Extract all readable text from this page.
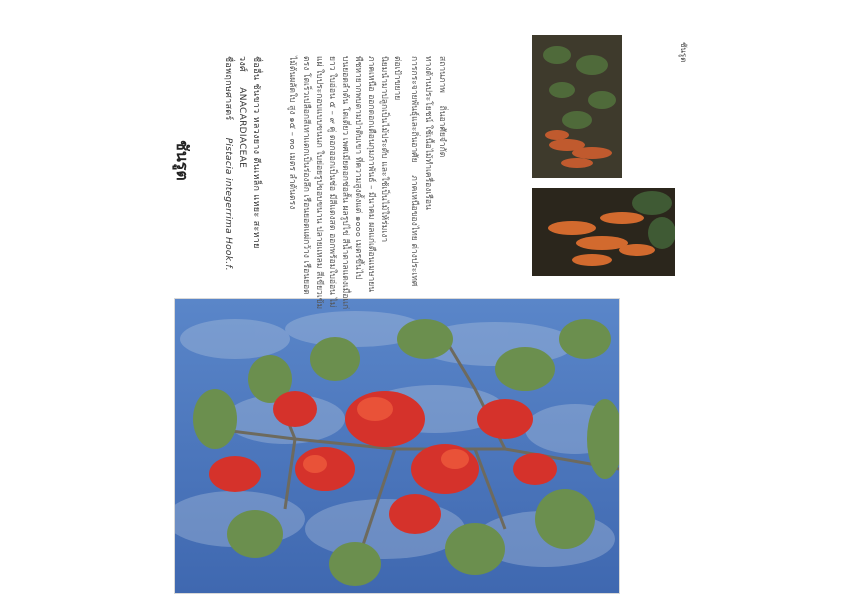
ชันรูต
ชื่อพฤกษศาสตร์ Pistacia integerrima Hook.f.
วงศ์ ANACARDIACEAE ชื่ออื่น ชันขาว หลวงยาง ตีนเหล็ก แหยะ สะหาย	ไม้ต้นผลัดใบ สูง ๑๕ – ๓๐ เมตร ลำต้นตรง ตรง โตเร็วเปลือกสีเทาแตกเป็นร่องลึก เรือนยอดแผ่กว้าง เรือนยอด แผ่ ใบประกอบแบบขนนก ใบย่อยรูปขอบขนาน ปลายแหลม สีเขียวเข้ม ยาว ใบอ่อน ๕ – ๙ คู่ ดอกออกเป็นช่อ มีสีแดงสด ออกพร้อมใบอ่อน ไม่ บนยอดลำต้น โตเดี่ยว เพศเมียดอกช่อสั้น ผลรูปไข่ สีน้ำตาลแดงเมื่อแก่ พืชหายากพบตามป่าดิบเขา ที่ความสูงตั้งแต่ ๑๐๐๐ เมตรขึ้นไป ภาคเหนือ ออกดอกเดือนกุมภาพันธ์ – มีนาคม ผลแก่เดือนเมษายน นิยมนำมาปลูกเป็นไม้ประดับ และใช้เป็นไม้ให้ร่มเงา ต่อเป้าขยาย การกระจายพันธุ์และถิ่นอาศัย ภาคเหนือของไทย ต่างประเทศ
ทางด้านประโยชน์ ใช้เนื้อไม้ทำเครื่องเรือน สถานภาพ ถิ่นอาศัยจำกัด
ชันรูต
